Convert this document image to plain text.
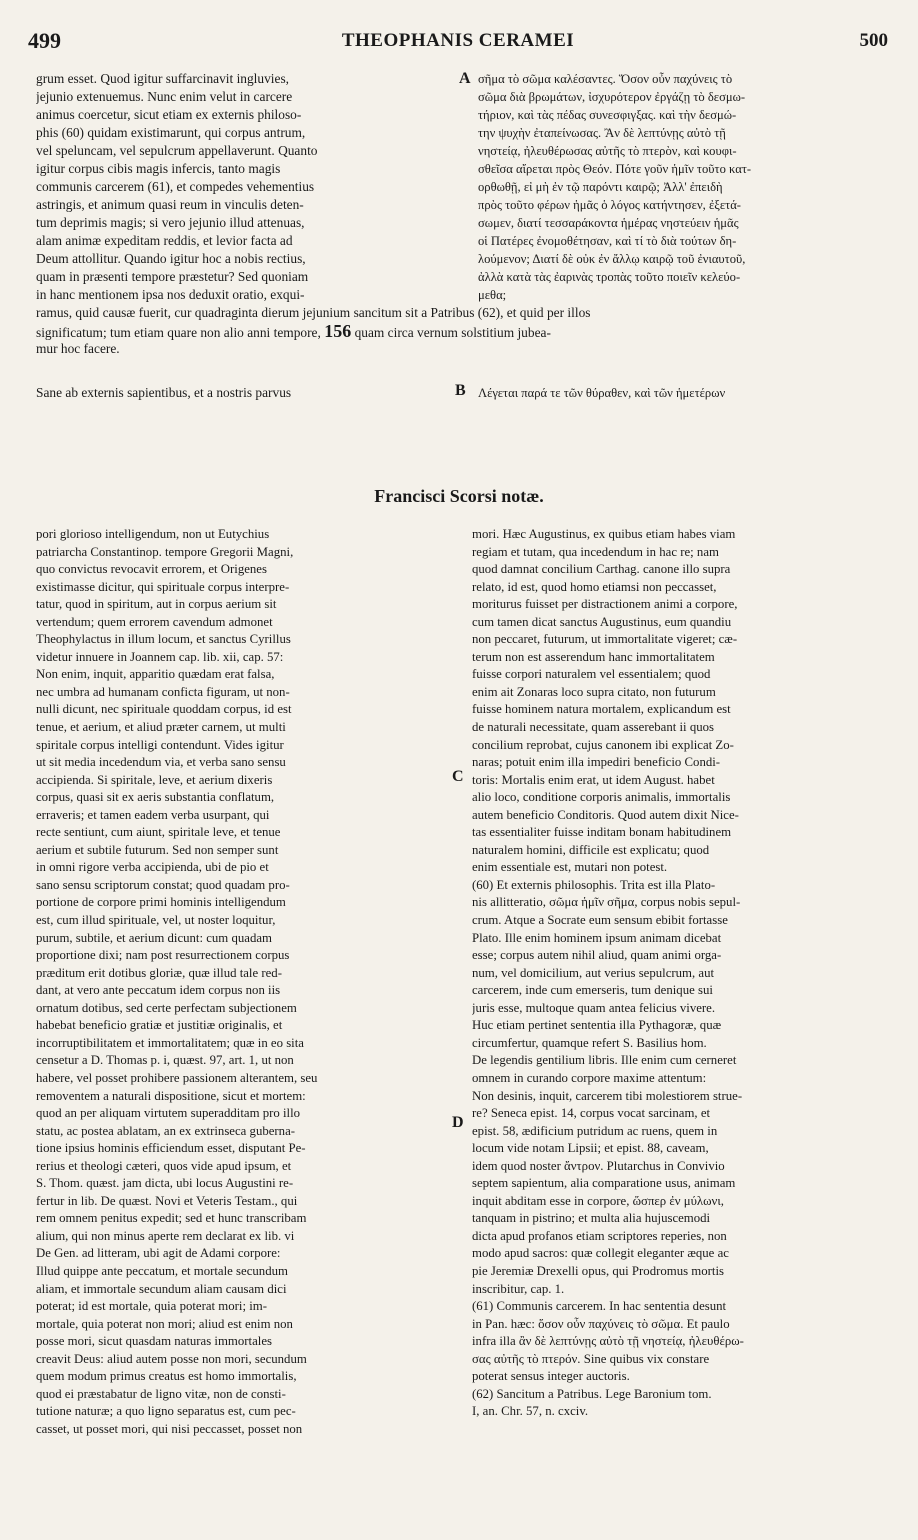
499	THEOPHANIS CERAMEI	500
grum esset. Quod igitur suffarcinavit ingluvies,
jejunio extenuemus. Nunc enim velut in carcere
animus coercetur, sicut etiam ex externis philoso-
phis (60) quidam existimarunt, qui corpus antrum,
vel speluncam, vel sepulcrum appellaverunt. Quanto
igitur corpus cibis magis infercis, tanto magis
communis carcerem (61), et compedes vehementius
astringis, et animum quasi reum in vinculis deten-
tum deprimis magis; si vero jejunio illud attenuas,
alam animæ expeditam reddis, et levior facta ad
Deum attollitur. Quando igitur hoc a nobis rectius,
quam in præsenti tempore præstetur? Sed quoniam
in hanc mentionem ipsa nos deduxit oratio, exqui-
A σῆμα τὸ σῶμα καλέσαντες. Ὅσον οὖν παχύνεις τὸ
σῶμα διὰ βρωμάτων, ἰσχυρότερον ἐργάζῃ τὸ δεσμω-
τήριον, καὶ τὰς πέδας συνεσφιγξας. καὶ τὴν δεσμώ-
την ψυχὴν ἐταπείνωσας. Ἂν δὲ λεπτύνῃς αὐτὸ τῇ
νηστείᾳ, ἠλευθέρωσας αὐτῆς τὸ πτερὸν, καὶ κουφι-
σθεῖσα αἴρεται πρὸς Θεόν. Πότε γοῦν ἡμῖν τοῦτο κατ-
ορθωθῇ, εἰ μὴ ἐν τῷ παρόντι καιρῷ; Ἀλλ' ἐπειδὴ
πρὸς τοῦτο φέρων ἡμᾶς ὁ λόγος κατήντησεν, ἐξετά-
σωμεν, διατί τεσσαράκοντα ἡμέρας νηστεύειν ἡμᾶς
οἱ Πατέρες ἐνομοθέτησαν, καὶ τί τὸ διὰ τούτων δη-
λούμενον; Διατί δὲ οὐκ ἐν ἄλλῳ καιρῷ τοῦ ἐνιαυτοῦ,
ἀλλὰ κατὰ τὰς ἐαρινὰς τροπὰς τοῦτο ποιεῖν κελεύο-
μεθα;
ramus, quid causæ fuerit, cur quadraginta dierum jejunium sancitum sit a Patribus (62), et quid per illos
significatum; tum etiam quare non alio anni tempore, 156 quam circa vernum solstitium jubea-
mur hoc facere.
Sane ab externis sapientibus, et a nostris parvus	B Λέγεται παρά τε τῶν θύραθεν, καὶ τῶν ἡμετέρων
Francisci Scorsi notæ.
pori glorioso intelligendum, non ut Eutychius
patriarcha Constantinop. tempore Gregorii Magni,
quo convictus revocavit errorem, et Origenes
existimasse dicitur, qui spirituale corpus interpre-
tatur, quod in spiritum, aut in corpus aerium sit
vertendum; quem errorem cavendum admonet
Theophylactus in illum locum, et sanctus Cyrillus
videtur innuere in Joannem cap. lib. xii, cap. 57:
Non enim, inquit, apparitio quædam erat falsa,
nec umbra ad humanam conficta figuram, ut non-
nulli dicunt, nec spirituale quoddam corpus, id est
tenue, et aerium, et aliud præter carnem, ut multi
spiritale corpus intelligi contendunt. Vides igitur
ut sit media incedendum via, et verba sano sensu
accipienda. Si spiritale, leve, et aerium dixeris
corpus, quasi sit ex aeris substantia conflatum,
erraveris; et tamen eadem verba usurpant, qui
recte sentiunt, cum aiunt, spiritale leve, et tenue
aerium et subtile futurum. Sed non semper sunt
in omni rigore verba accipienda, ubi de pio et
sano sensu scriptorum constat; quod quadam pro-
portione de corpore primi hominis intelligendum
est, cum illud spirituale, vel, ut noster loquitur,
purum, subtile, et aerium dicunt: cum quadam
proportione dixi; nam post resurrectionem corpus
præditum erit dotibus gloriæ, quæ illud tale red-
dant, at vero ante peccatum idem corpus non iis
ornatum dotibus, sed certe perfectam subjectionem
habebat beneficio gratiæ et justitiæ originalis, et
incorruptibilitatem et immortalitatem; quæ in eo sita
censetur a D. Thomas p. i, quæst. 97, art. 1, ut non
habere, vel posset prohibere passionem alterantem, seu
removentem a naturali dispositione, sicut et mortem:
quod an per aliquam virtutem superadditam pro illo
statu, ac postea ablatam, an ex extrinseca guberna-
tione ipsius hominis efficiendum esset, disputant Pe-
rerius et theologi cæteri, quos vide apud ipsum, et
S. Thom. quæst. jam dicta, ubi locus Augustini re-
fertur in lib. De quæst. Novi et Veteris Testam., qui
rem omnem penitus expedit; sed et hunc transcribam
alium, qui non minus aperte rem declarat ex lib. vi
De Gen. ad litteram, ubi agit de Adami corpore:
Illud quippe ante peccatum, et mortale secundum
aliam, et immortale secundum aliam causam dici
poterat; id est mortale, quia poterat mori; im-
mortale, quia poterat non mori; aliud est enim non
posse mori, sicut quasdam naturas immortales
creavit Deus: aliud autem posse non mori, secundum
quem modum primus creatus est homo immortalis,
quod ei præstabatur de ligno vitæ, non de consti-
tutione naturæ; a quo ligno separatus est, cum pec-
casset, ut posset mori, qui nisi peccasset, posset non
C
D
mori. Hæc Augustinus, ex quibus etiam habes viam
regiam et tutam, qua incedendum in hac re; nam
quod damnat concilium Carthag. canone illo supra
relato, id est, quod homo etiamsi non peccasset,
moriturus fuisset per distractionem animi a corpore,
cum tamen dicat sanctus Augustinus, eum quandiu
non peccaret, futurum, ut immortalitate vigeret; cæ-
terum non est asserendum hanc immortalitatem
fuisse corpori naturalem vel essentialem; quod
enim ait Zonaras loco supra citato, non futurum
fuisse hominem natura mortalem, explicandum est
de naturali necessitate, quam asserebant ii quos
concilium reprobat, cujus canonem ibi explicat Zo-
naras; potuit enim illa impediri beneficio Condi-
toris: Mortalis enim erat, ut idem August. habet
alio loco, conditione corporis animalis, immortalis
autem beneficio Conditoris. Quod autem dixit Nice-
tas essentialiter fuisse inditam bonam habitudinem
naturalem homini, difficile est explicatu; quod
enim essentiale est, mutari non potest.
(60) Et externis philosophis. Trita est illa Plato-
nis allitteratio, σῶμα ἡμῖν σῆμα, corpus nobis sepul-
crum. Atque a Socrate eum sensum ebibit fortasse
Plato. Ille enim hominem ipsum animam dicebat
esse; corpus autem nihil aliud, quam animi orga-
num, vel domicilium, aut verius sepulcrum, aut
carcerem, inde cum emerseris, tum denique sui
juris esse, multoque quam antea felicius vivere.
Huc etiam pertinet sententia illa Pythagoræ, quæ
circumfertur, quamque refert S. Basilius hom.
De legendis gentilium libris. Ille enim cum cerneret
omnem in curando corpore maxime attentum:
Non desinis, inquit, carcerem tibi molestiorem strue-
re? Seneca epist. 14, corpus vocat sarcinam, et
epist. 58, ædificium putridum ac ruens, quem in
locum vide notam Lipsii; et epist. 88, caveam,
idem quod noster ἄντρον. Plutarchus in Convivio
septem sapientum, alia comparatione usus, animam
inquit abditam esse in corpore, ὥσπερ ἐν μύλωνι,
tanquam in pistrino; et multa alia hujuscemodi
dicta apud profanos etiam scriptores reperies, non
modo apud sacros: quæ collegit eleganter æque ac
pie Jeremiæ Drexelli opus, qui Prodromus mortis
inscribitur, cap. 1.
(61) Communis carcerem. In hac sententia desunt
in Pan. hæc: ὅσον οὖν παχύνεις τὸ σῶμα. Et paulo
infra illa ἂν δὲ λεπτύνῃς αὐτὸ τῇ νηστείᾳ, ἠλευθέρω-
σας αὐτῆς τὸ πτερόν. Sine quibus vix constare
poterat sensus integer auctoris.
(62) Sancitum a Patribus. Lege Baronium tom.
I, an. Chr. 57, n. cxciv.
